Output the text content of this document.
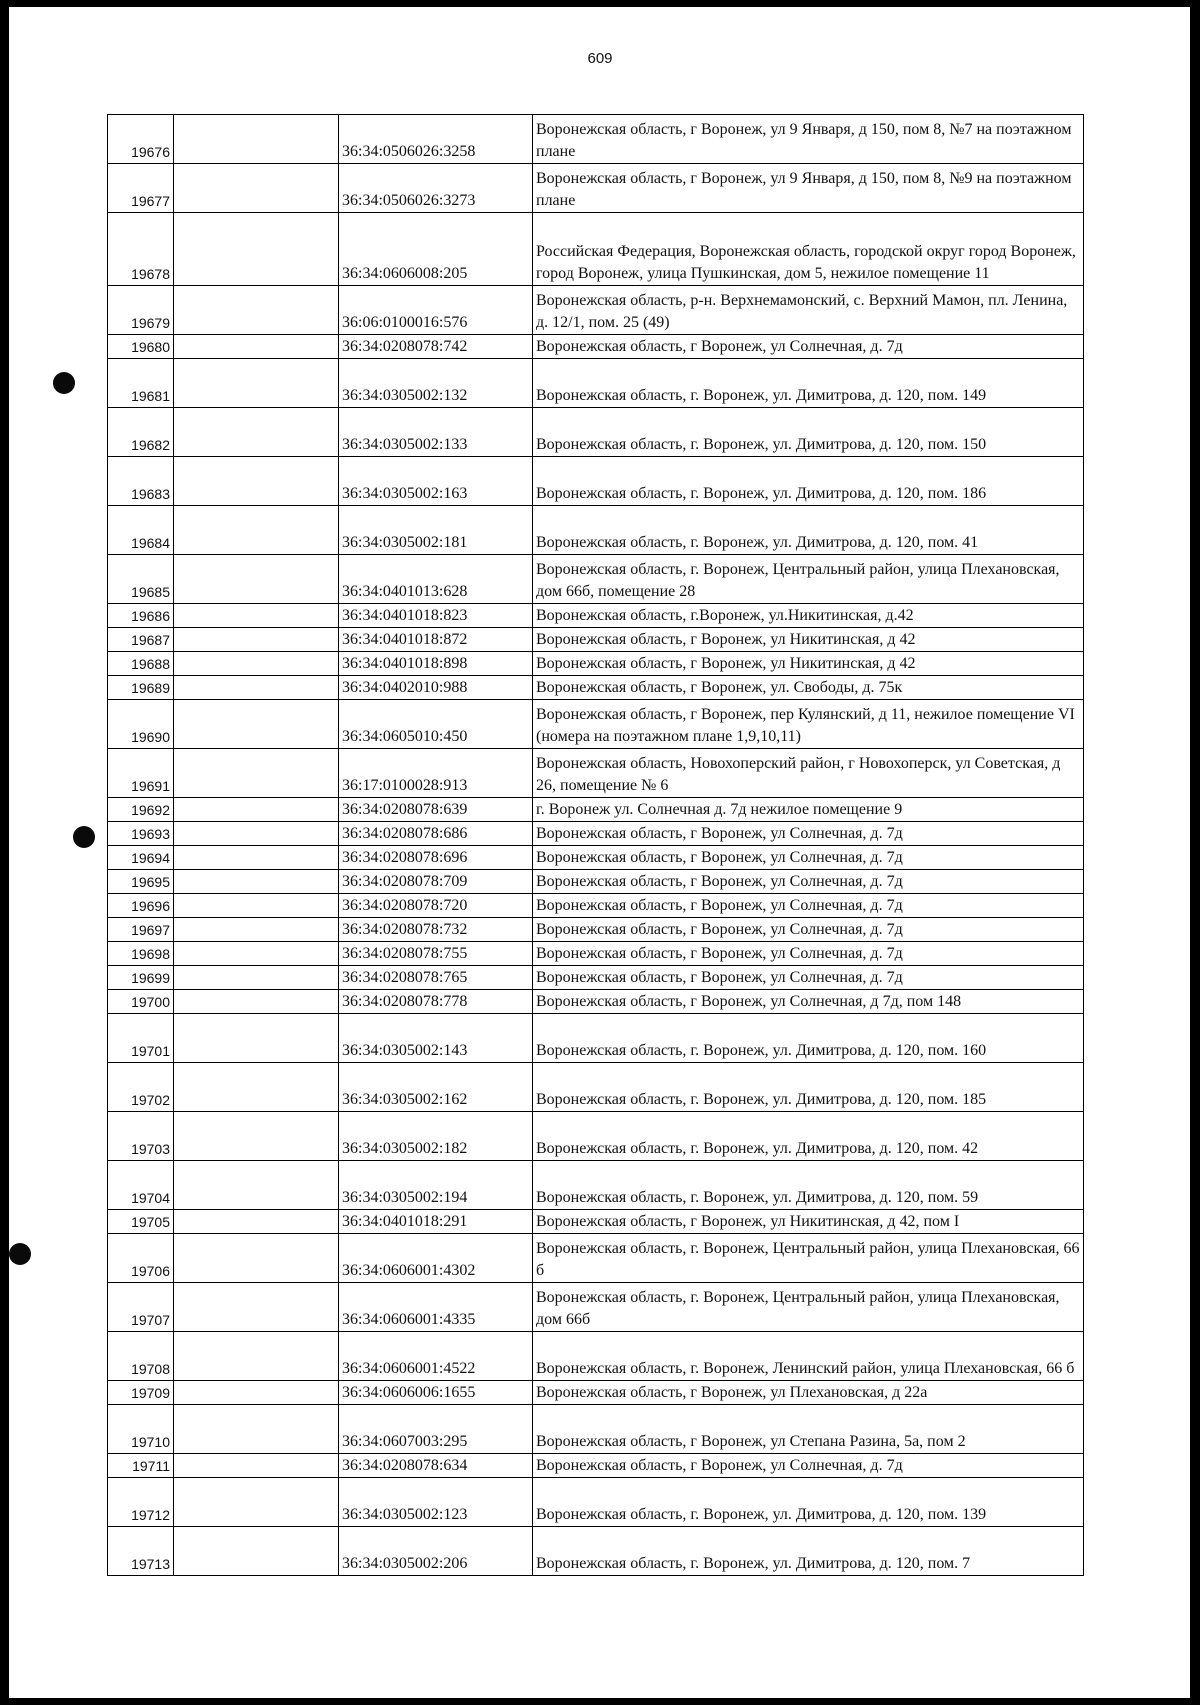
609
19676		36:34:0506026:3258	Воронежская область, г Воронеж, ул 9 Января, д 150, пом 8, №7 на поэтажном плане
19677		36:34:0506026:3273	Воронежская область, г Воронеж, ул 9 Января, д 150, пом 8, №9 на поэтажном плане
19678		36:34:0606008:205	Российская Федерация, Воронежская область, городской округ город Воронеж, город Воронеж, улица Пушкинская, дом 5, нежилое помещение 11
19679		36:06:0100016:576	Воронежская область, р-н. Верхнемамонский, с. Верхний Мамон, пл. Ленина, д. 12/1, пом. 25 (49)
19680		36:34:0208078:742	Воронежская область, г Воронеж, ул Солнечная, д. 7д
19681		36:34:0305002:132	Воронежская область, г. Воронеж, ул. Димитрова, д. 120, пом. 149
19682		36:34:0305002:133	Воронежская область, г. Воронеж, ул. Димитрова, д. 120, пом. 150
19683		36:34:0305002:163	Воронежская область, г. Воронеж, ул. Димитрова, д. 120, пом. 186
19684		36:34:0305002:181	Воронежская область, г. Воронеж, ул. Димитрова, д. 120, пом. 41
19685		36:34:0401013:628	Воронежская область, г. Воронеж, Центральный район, улица Плехановская, дом 66б, помещение 28
19686		36:34:0401018:823	Воронежская область, г.Воронеж, ул.Никитинская, д.42
19687		36:34:0401018:872	Воронежская область, г Воронеж, ул Никитинская, д 42
19688		36:34:0401018:898	Воронежская область, г Воронеж, ул Никитинская, д 42
19689		36:34:0402010:988	Воронежская область, г Воронеж, ул. Свободы, д. 75к
19690		36:34:0605010:450	Воронежская область, г Воронеж, пер Кулянский, д 11, нежилое помещение VI (номера на поэтажном плане 1,9,10,11)
19691		36:17:0100028:913	Воронежская область, Новохоперский район, г Новохоперск, ул Советская, д 26, помещение № 6
19692		36:34:0208078:639	г. Воронеж ул. Солнечная д. 7д нежилое помещение 9
19693		36:34:0208078:686	Воронежская область, г Воронеж, ул Солнечная, д. 7д
19694		36:34:0208078:696	Воронежская область, г Воронеж, ул Солнечная, д. 7д
19695		36:34:0208078:709	Воронежская область, г Воронеж, ул Солнечная, д. 7д
19696		36:34:0208078:720	Воронежская область, г Воронеж, ул Солнечная, д. 7д
19697		36:34:0208078:732	Воронежская область, г Воронеж, ул Солнечная, д. 7д
19698		36:34:0208078:755	Воронежская область, г Воронеж, ул Солнечная, д. 7д
19699		36:34:0208078:765	Воронежская область, г Воронеж, ул Солнечная, д. 7д
19700		36:34:0208078:778	Воронежская область, г Воронеж, ул Солнечная, д 7д, пом 148
19701		36:34:0305002:143	Воронежская область, г. Воронеж, ул. Димитрова, д. 120, пом. 160
19702		36:34:0305002:162	Воронежская область, г. Воронеж, ул. Димитрова, д. 120, пом. 185
19703		36:34:0305002:182	Воронежская область, г. Воронеж, ул. Димитрова, д. 120, пом. 42
19704		36:34:0305002:194	Воронежская область, г. Воронеж, ул. Димитрова, д. 120, пом. 59
19705		36:34:0401018:291	Воронежская область, г Воронеж, ул Никитинская, д 42, пом I
19706		36:34:0606001:4302	Воронежская область, г. Воронеж, Центральный район, улица Плехановская, 66 б
19707		36:34:0606001:4335	Воронежская область, г. Воронеж, Центральный район, улица Плехановская, дом 66б
19708		36:34:0606001:4522	Воронежская область, г. Воронеж, Ленинский район, улица Плехановская, 66 б
19709		36:34:0606006:1655	Воронежская область, г Воронеж, ул Плехановская, д 22а
19710		36:34:0607003:295	Воронежская область, г Воронеж, ул Степана Разина, 5а, пом 2
19711		36:34:0208078:634	Воронежская область, г Воронеж, ул Солнечная, д. 7д
19712		36:34:0305002:123	Воронежская область, г. Воронеж, ул. Димитрова, д. 120, пом. 139
19713		36:34:0305002:206	Воронежская область, г. Воронеж, ул. Димитрова, д. 120, пом. 7
